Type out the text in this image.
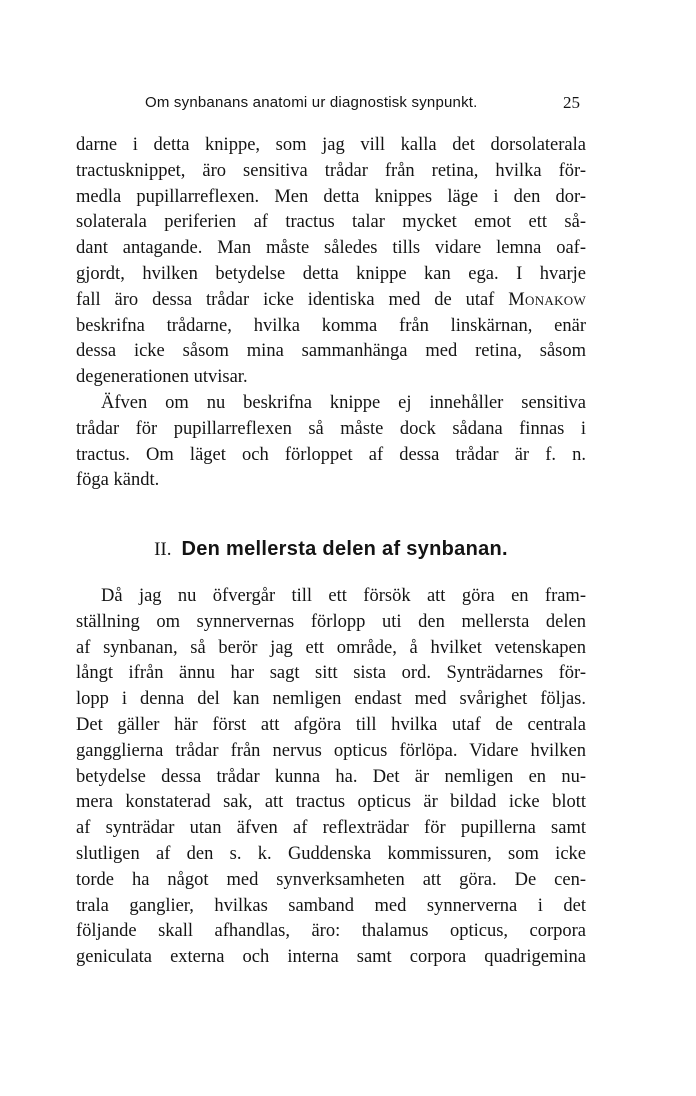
Om synbanans anatomi ur diagnostisk synpunkt.	25
darne i detta knippe, som jag vill kalla det dorsolaterala
tractusknippet, äro sensitiva trådar från retina, hvilka för-
medla pupillarreflexen. Men detta knippes läge i den dor-
solaterala periferien af tractus talar mycket emot ett så-
dant antagande. Man måste således tills vidare lemna oaf-
gjordt, hvilken betydelse detta knippe kan ega. I hvarje
fall äro dessa trådar icke identiska med de utaf Monakow
beskrifna trådarne, hvilka komma från linskärnan, enär
dessa icke såsom mina sammanhänga med retina, såsom
degenerationen utvisar.
Äfven om nu beskrifna knippe ej innehåller sensitiva
trådar för pupillarreflexen så måste dock sådana finnas i
tractus. Om läget och förloppet af dessa trådar är f. n.
föga kändt.
II. Den mellersta delen af synbanan.
Då jag nu öfvergår till ett försök att göra en fram-
ställning om synnervernas förlopp uti den mellersta delen
af synbanan, så berör jag ett område, å hvilket vetenskapen
långt ifrån ännu har sagt sitt sista ord. Synträdarnes för-
lopp i denna del kan nemligen endast med svårighet följas.
Det gäller här först att afgöra till hvilka utaf de centrala
gangglierna trådar från nervus opticus förlöpa. Vidare hvilken
betydelse dessa trådar kunna ha. Det är nemligen en nu-
mera konstaterad sak, att tractus opticus är bildad icke blott
af synträdar utan äfven af reflexträdar för pupillerna samt
slutligen af den s. k. Guddenska kommissuren, som icke
torde ha något med synverksamheten att göra. De cen-
trala ganglier, hvilkas samband med synnerverna i det
följande skall afhandlas, äro: thalamus opticus, corpora
geniculata externa och interna samt corpora quadrigemina
